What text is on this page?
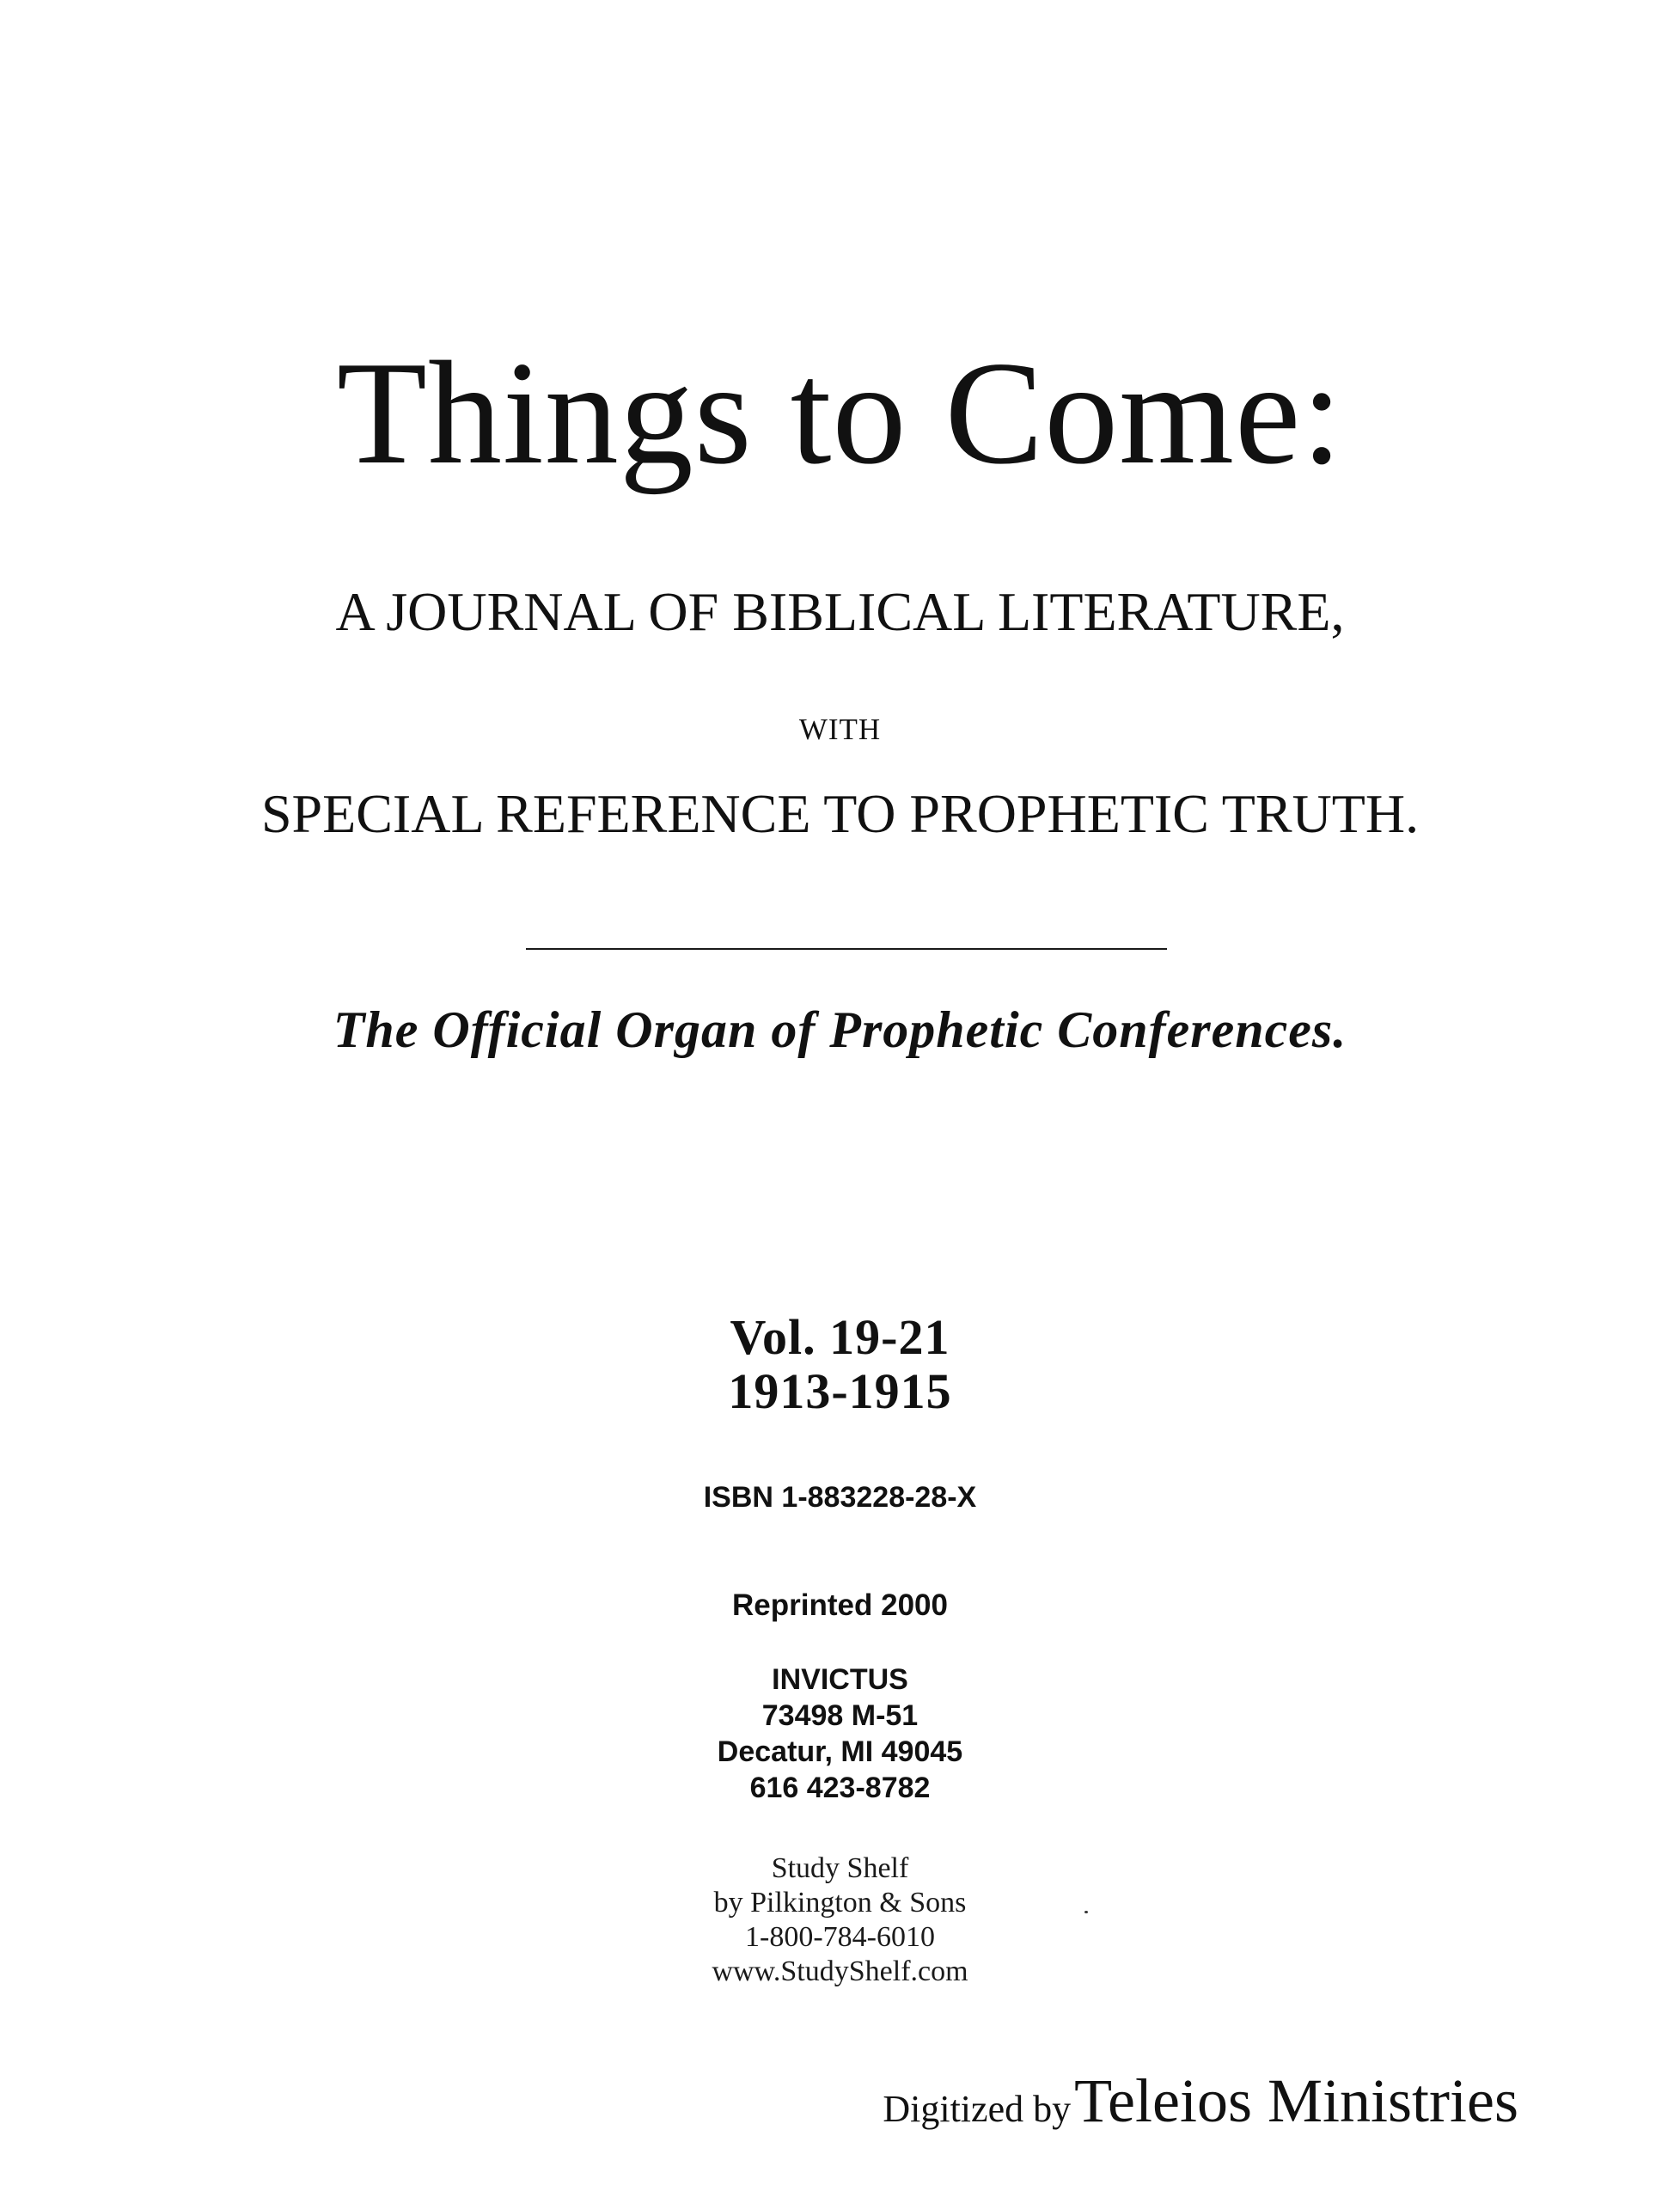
Things to Come:
A JOURNAL OF BIBLICAL LITERATURE,
WITH
SPECIAL REFERENCE TO PROPHETIC TRUTH.
The Official Organ of Prophetic Conferences.
Vol. 19-21
1913-1915
ISBN 1-883228-28-X
Reprinted 2000
INVICTUS
73498 M-51
Decatur, MI 49045
616 423-8782
Study Shelf
by Pilkington & Sons
1-800-784-6010
www.StudyShelf.com
Digitized by Teleios Ministries
